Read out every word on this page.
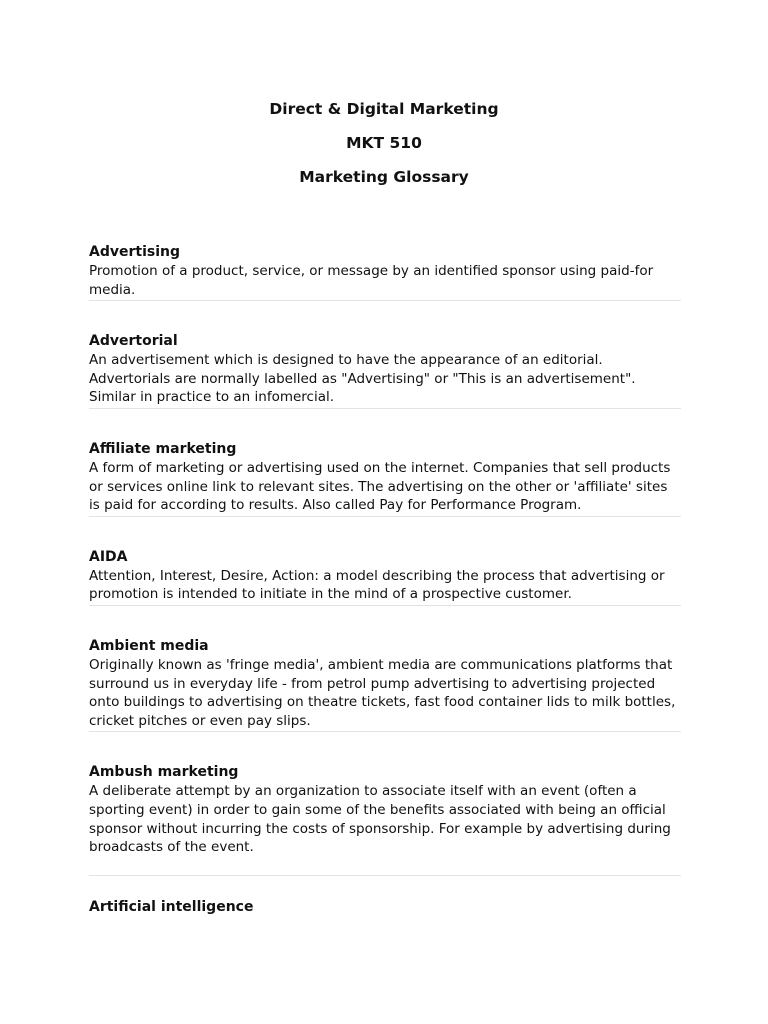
Direct & Digital Marketing
MKT 510
Marketing Glossary
Advertising
Promotion of a product, service, or message by an identified sponsor using paid-for media.
Advertorial
An advertisement which is designed to have the appearance of an editorial. Advertorials are normally labelled as "Advertising" or "This is an advertisement". Similar in practice to an infomercial.
Affiliate marketing
A form of marketing or advertising used on the internet. Companies that sell products or services online link to relevant sites. The advertising on the other or 'affiliate' sites is paid for according to results. Also called Pay for Performance Program.
AIDA
Attention, Interest, Desire, Action: a model describing the process that advertising or promotion is intended to initiate in the mind of a prospective customer.
Ambient media
Originally known as 'fringe media', ambient media are communications platforms that surround us in everyday life - from petrol pump advertising to advertising projected onto buildings to advertising on theatre tickets, fast food container lids to milk bottles, cricket pitches or even pay slips.
Ambush marketing
A deliberate attempt by an organization to associate itself with an event (often a sporting event) in order to gain some of the benefits associated with being an official sponsor without incurring the costs of sponsorship. For example by advertising during broadcasts of the event.
Artificial intelligence
